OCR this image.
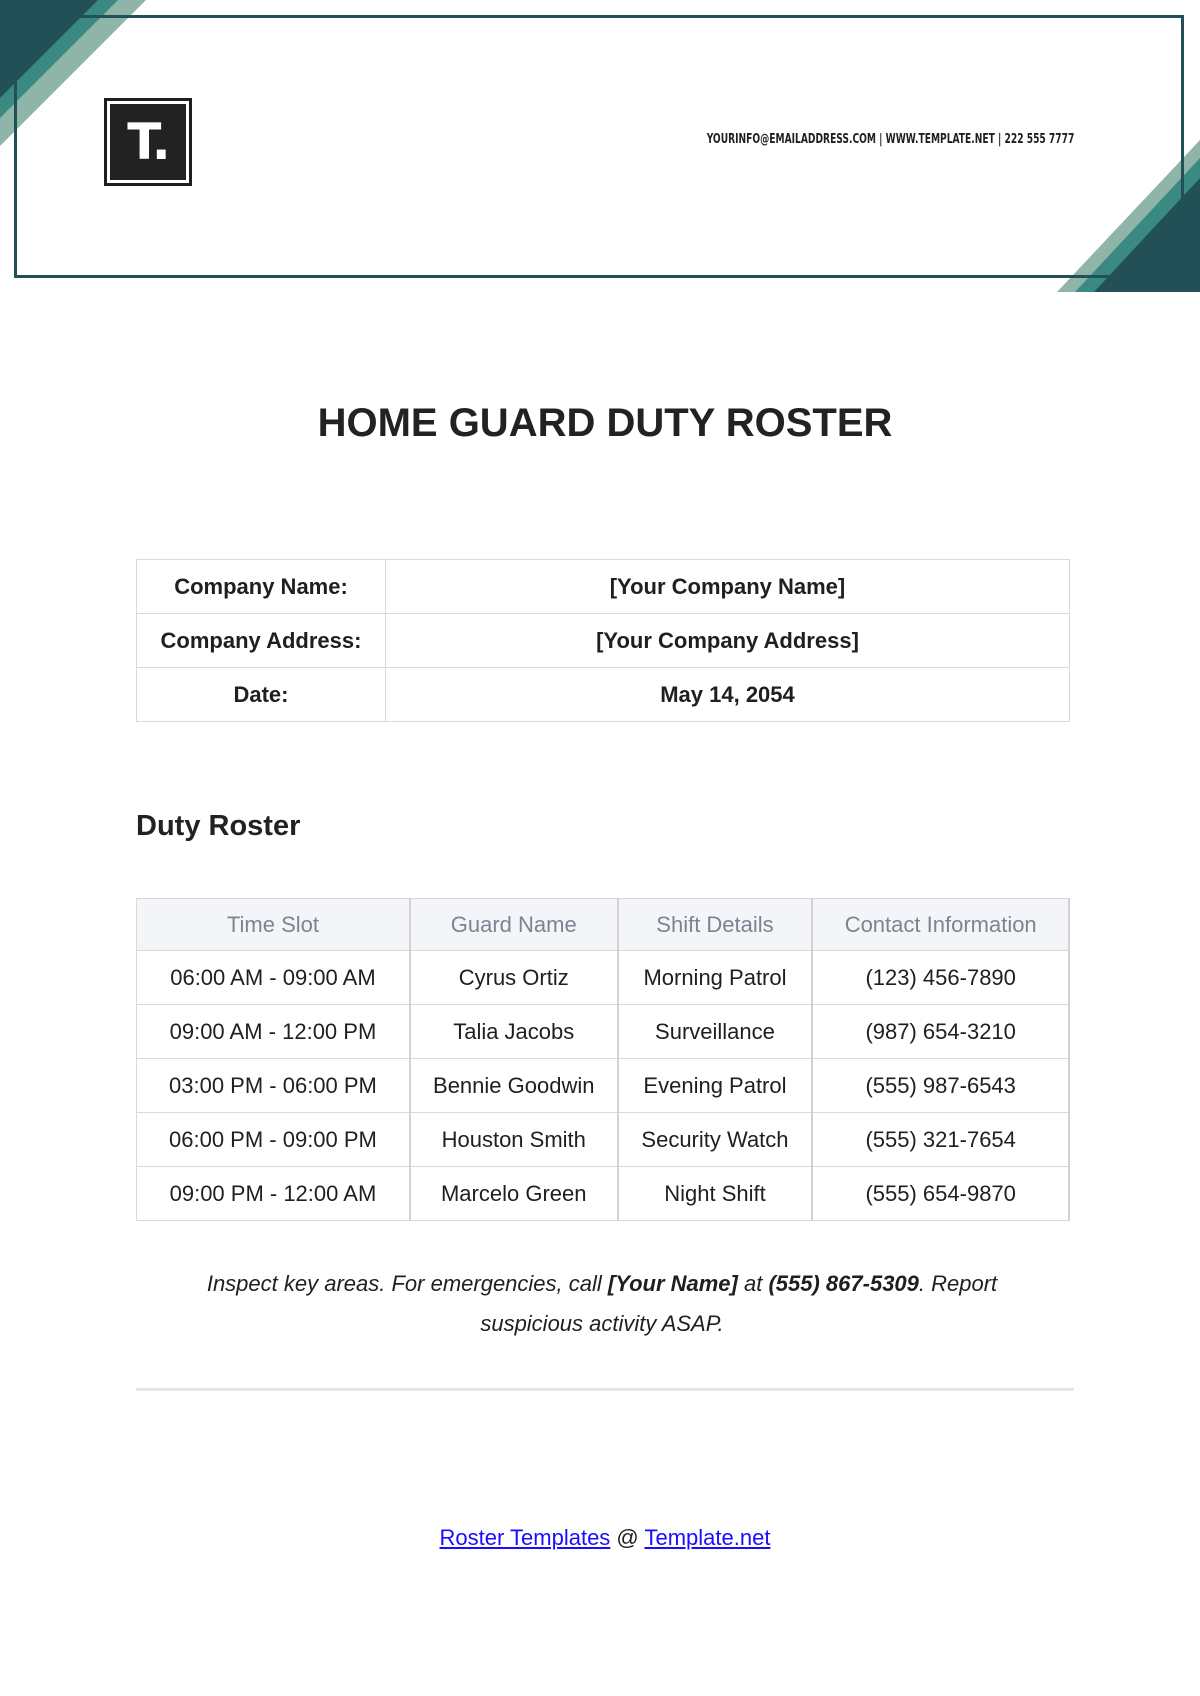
T.	YOURINFO@EMAILADDRESS.COM | WWW.TEMPLATE.NET | 222 555 7777
HOME GUARD DUTY ROSTER
Company Name:	[Your Company Name]
Company Address:	[Your Company Address]
Date:	May 14, 2054
Duty Roster
Time Slot	Guard Name	Shift Details	Contact Information
06:00 AM - 09:00 AM	Cyrus Ortiz	Morning Patrol	(123) 456-7890
09:00 AM - 12:00 PM	Talia Jacobs	Surveillance	(987) 654-3210
03:00 PM - 06:00 PM	Bennie Goodwin	Evening Patrol	(555) 987-6543
06:00 PM - 09:00 PM	Houston Smith	Security Watch	(555) 321-7654
09:00 PM - 12:00 AM	Marcelo Green	Night Shift	(555) 654-9870
Inspect key areas. For emergencies, call [Your Name] at (555) 867-5309. Report suspicious activity ASAP.
Roster Templates @ Template.net
